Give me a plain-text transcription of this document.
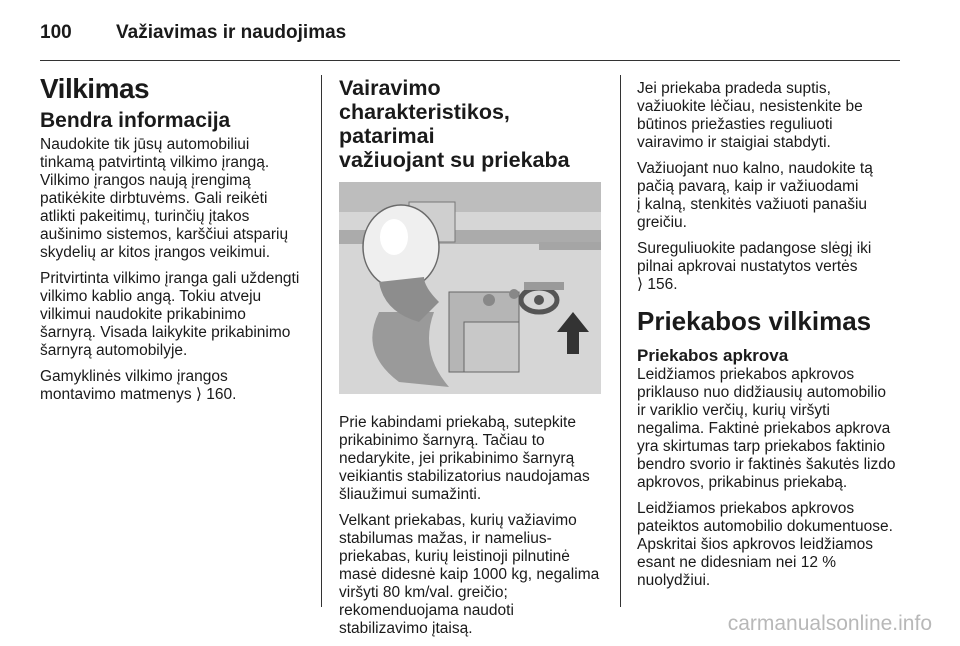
100 Važiavimas ir naudojimas
Vilkimas
Bendra informacija

Naudokite tik jūsų automobiliui
tinkamą patvirtintą vilkimo įrangą.
Vilkimo įrangos naują įrengimą
patikėkite dirbtuvėms. Gali reikėti
atlikti pakeitimų, turinčių įtakos
aušinimo sistemos, karščiui atsparių
skydelių ar kitos įrangos veikimui.

Pritvirtinta vilkimo įranga gali uždengti
vilkimo kablio angą. Tokiu atveju
vilkimui naudokite prikabinimo
šarnyrą. Visada laikykite prikabinimo
šarnyrą automobilyje.

Gamyklinės vilkimo įrangos
montavimo matmenys ⟩ 160.

Vairavimo
charakteristikos, patarimai
važiuojant su priekaba

Prie kabindami priekabą, sutepkite
prikabinimo šarnyrą. Tačiau to
nedarykite, jei prikabinimo šarnyrą
veikiantis stabilizatorius naudojamas
šliaužimui sumažinti.

Velkant priekabas, kurių važiavimo
stabilumas mažas, ir namelius-
priekabas, kurių leistinoji pilnutinė
masė didesnė kaip 1000 kg, negalima
viršyti 80 km/val. greičio;
rekomenduojama naudoti
stabilizavimo įtaisą.

Jei priekaba pradeda suptis,
važiuokite lėčiau, nesistenkite be
būtinos priežasties reguliuoti
vairavimo ir staigiai stabdyti.

Važiuojant nuo kalno, naudokite tą
pačią pavarą, kaip ir važiuodami
į kalną, stenkitės važiuoti panašiu
greičiu.

Sureguliuokite padangose slėgį iki
pilnai apkrovai nustatytos vertės
⟩ 156.

Priekabos vilkimas
Priekabos apkrova

Leidžiamos priekabos apkrovos
priklauso nuo didžiausių automobilio
ir variklio verčių, kurių viršyti
negalima. Faktinė priekabos apkrova
yra skirtumas tarp priekabos faktinio
bendro svorio ir faktinės šakutės lizdo
apkrovos, prikabinus priekabą.

Leidžiamos priekabos apkrovos
pateiktos automobilio dokumentuose.
Apskritai šios apkrovos leidžiamos
esant ne didesniam nei 12 %
nuolydžiui.

carmanualsonline.info
